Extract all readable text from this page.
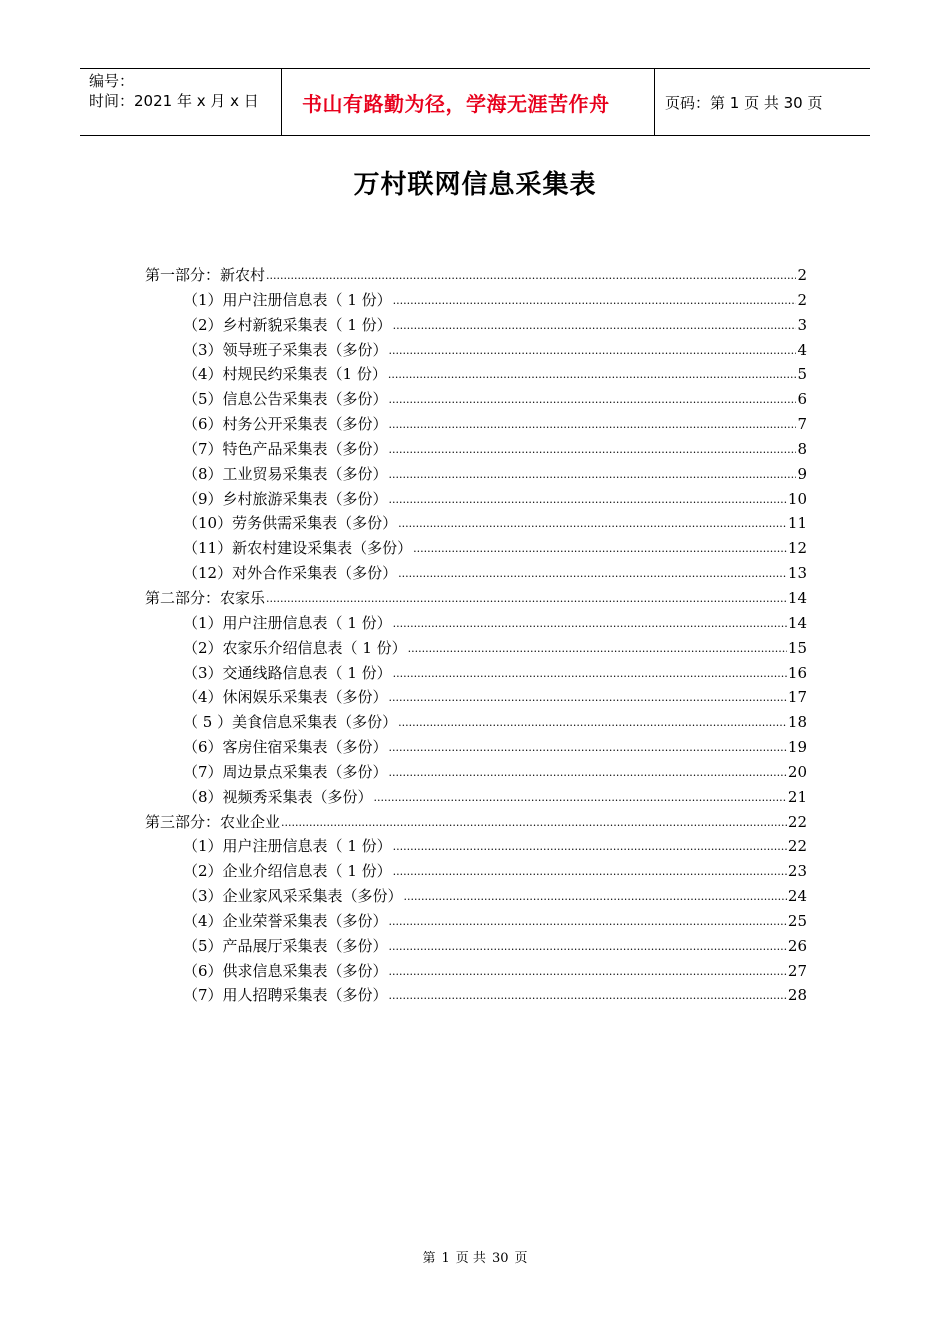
编号：
时间：2021 年 x 月 x 日	书山有路勤为径，学海无涯苦作舟	页码：第 1 页 共 30 页
万村联网信息采集表
第一部分：新农村 .....	2
（1）用户注册信息表（ 1 份） .....	2
（2）乡村新貌采集表（ 1 份） .....	3
（3）领导班子采集表（多份） .....	4
（4）村规民约采集表（1 份） .....	5
（5）信息公告采集表（多份） .....	6
（6）村务公开采集表（多份） .....	7
（7）特色产品采集表（多份） .....	8
（8）工业贸易采集表（多份） .....	9
（9）乡村旅游采集表（多份） .....	10
（10）劳务供需采集表（多份） .....	11
（11）新农村建设采集表（多份） .....	12
（12）对外合作采集表（多份） .....	13
第二部分：农家乐 .....	14
（1）用户注册信息表（ 1 份） .....	14
（2）农家乐介绍信息表（ 1 份） .....	15
（3）交通线路信息表（ 1 份） .....	16
（4）休闲娱乐采集表（多份） .....	17
（ 5 ）美食信息采集表（多份） .....	18
（6）客房住宿采集表（多份） .....	19
（7）周边景点采集表（多份） .....	20
（8）视频秀采集表（多份） .....	21
第三部分：农业企业 .....	22
（1）用户注册信息表（ 1 份） .....	22
（2）企业介绍信息表（ 1 份） .....	23
（3）企业家风采采集表（多份） .....	24
（4）企业荣誉采集表（多份） .....	25
（5）产品展厅采集表（多份） .....	26
（6）供求信息采集表（多份） .....	27
（7）用人招聘采集表（多份） .....	28
第 1 页 共 30 页
